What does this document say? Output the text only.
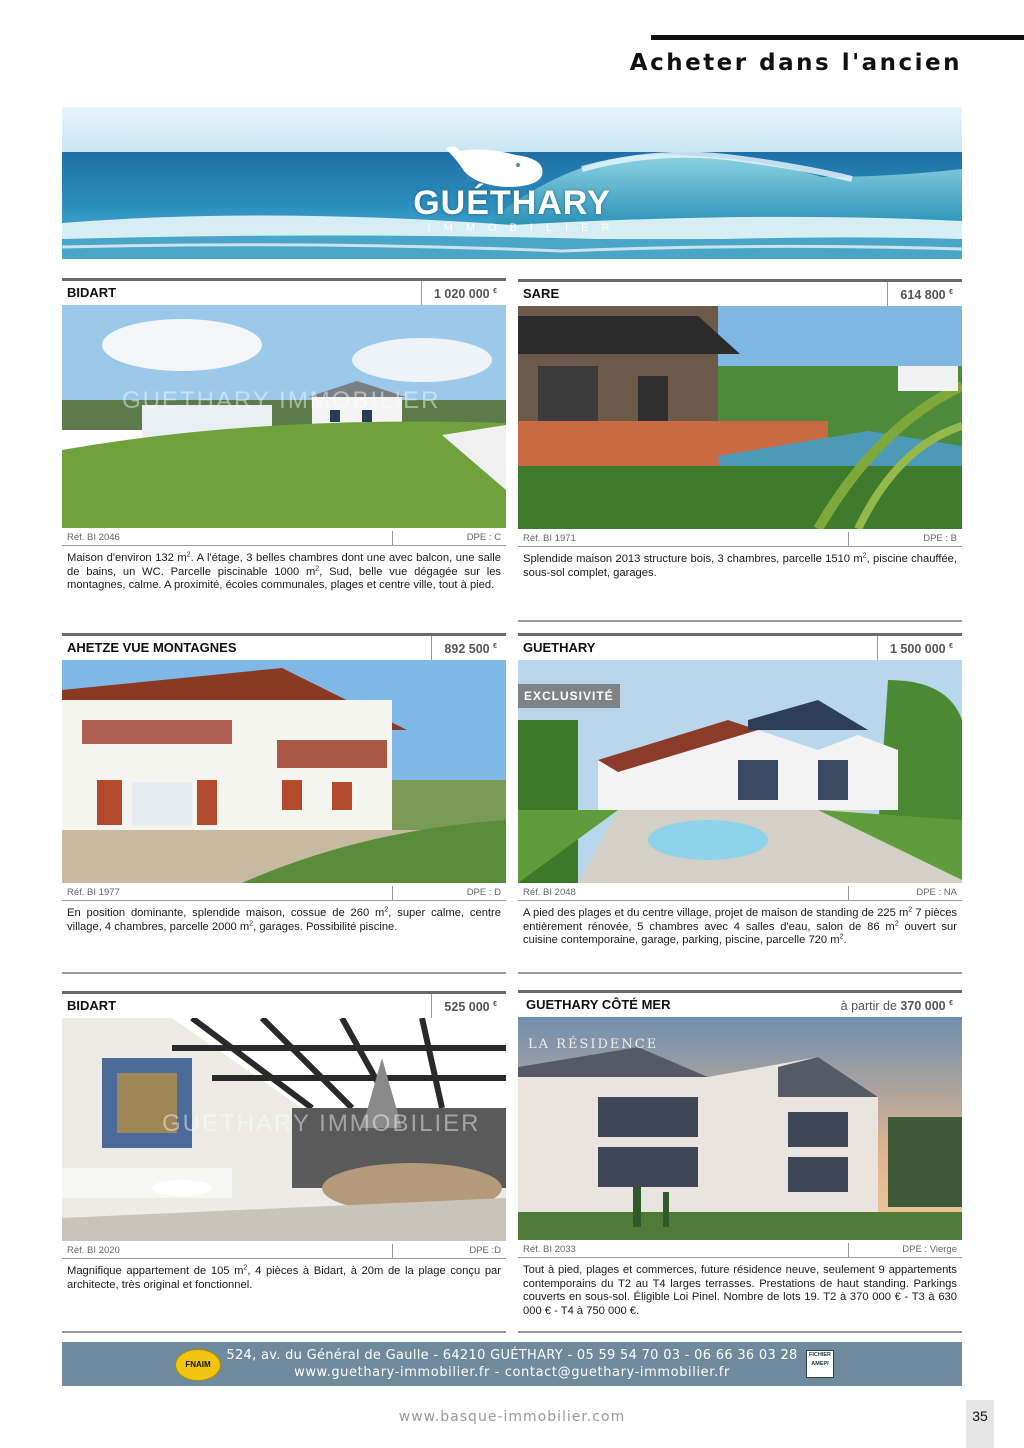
Acheter dans l'ancien
GUÉTHARY
IMMOBILIER
BIDART	1 020 000 €
GUETHARY IMMOBILIER
Réf. BI 2046	DPE : C
Maison d'environ 132 $m^2$. A l'étage, 3 belles chambres dont une avec balcon, une salle de bains, un WC. Parcelle piscinable 1000 $m^2$, Sud, belle vue dégagée sur les montagnes, calme. A proximité, écoles communales, plages et centre ville, tout à pied.
SARE	614 800 €
Réf. BI 1971	DPE : B
Splendide maison 2013 structure bois, 3 chambres, parcelle 1510 $m^2$, piscine chauffée, sous-sol complet, garages.
AHETZE VUE MONTAGNES	892 500 €
Réf. BI 1977	DPE : D
En position dominante, splendide maison, cossue de 260 $m^2$, super calme, centre village, 4 chambres, parcelle 2000 $m^2$, garages. Possibilité piscine.
GUETHARY	1 500 000 €
EXCLUSIVITÉ
Réf. BI 2048	DPE : NA
A pied des plages et du centre village, projet de maison de standing de 225 $m^2$ 7 pièces entièrement rénovée, 5 chambres avec 4 salles d'eau, salon de 86 $m^2$ ouvert sur cuisine contemporaine, garage, parking, piscine, parcelle 720 $m^2$.
BIDART	525 000 €
GUETHARY IMMOBILIER
Réf. BI 2020	DPE :D
Magnifique appartement de 105 $m^2$, 4 pièces à Bidart, à 20m de la plage conçu par architecte, très original et fonctionnel.
GUETHARY CÔTÉ MER	à partir de 370 000 €
LA RÉSIDENCE
Réf. BI 2033	DPE : Vierge
Tout à pied, plages et commerces, future résidence neuve, seulement 9 appartements contemporains du T2 au T4 larges terrasses. Prestations de haut standing. Parkings couverts en sous-sol. Éligible Loi Pinel. Nombre de lots 19. T2 à 370 000 € - T3 à 630 000 € - T4 à 750 000 €.
FNAIM
524, av. du Général de Gaulle - 64210 GUÉTHARY - 05 59 54 70 03 - 06 66 36 03 28
www.guethary-immobilier.fr - contact@guethary-immobilier.fr
FICHIER
AMEPI
www.basque-immobilier.com	35
